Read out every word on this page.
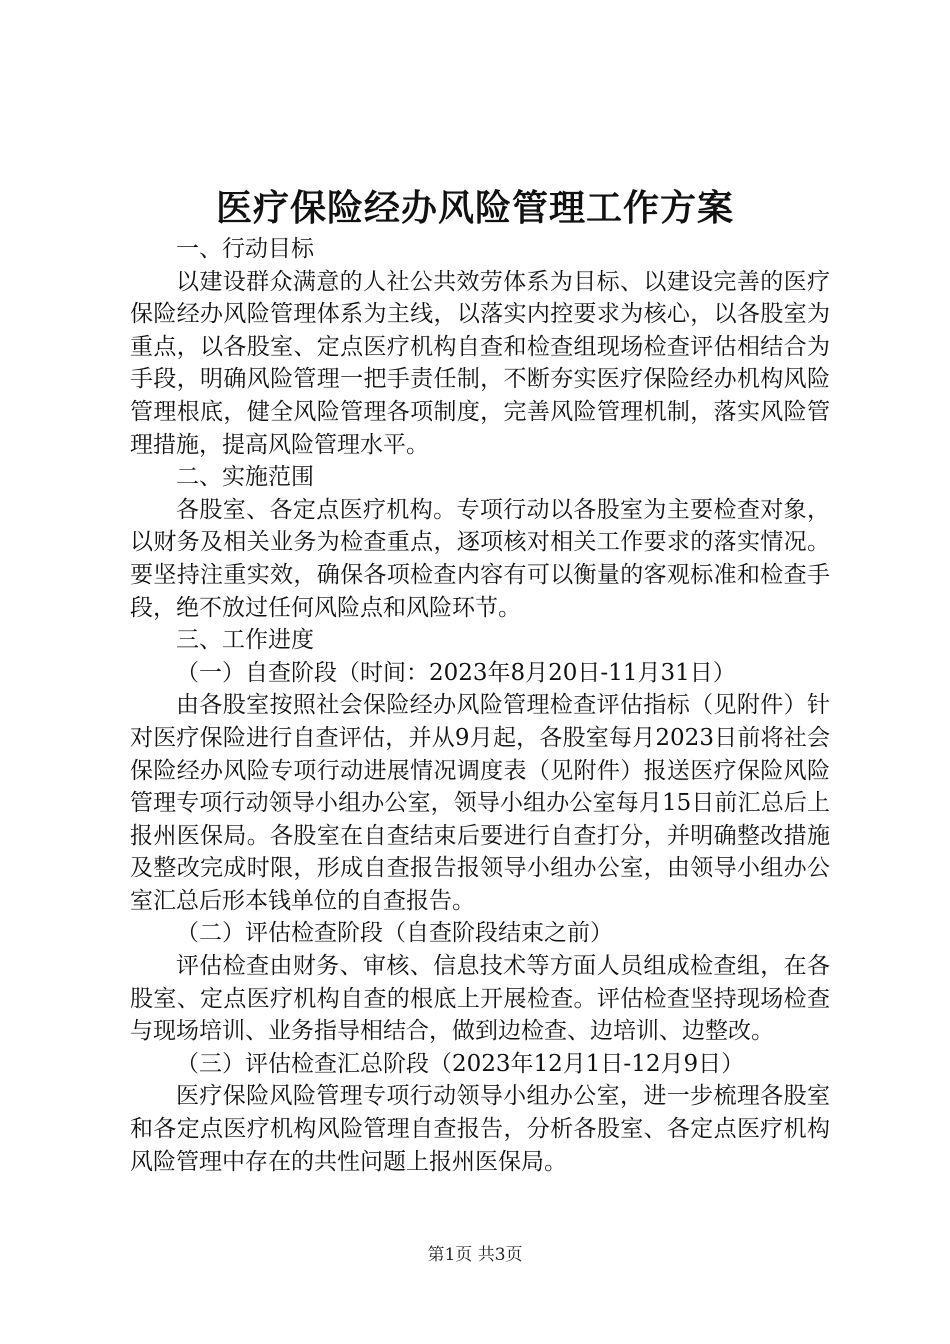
医疗保险经办风险管理工作方案

一、行动目标

以建设群众满意的人社公共效劳体系为目标、以建设完善的医疗保险经办风险管理体系为主线，以落实内控要求为核心，以各股室为重点，以各股室、定点医疗机构自查和检查组现场检查评估相结合为手段，明确风险管理一把手责任制，不断夯实医疗保险经办机构风险管理根底，健全风险管理各项制度，完善风险管理机制，落实风险管理措施，提高风险管理水平。

二、实施范围

各股室、各定点医疗机构。专项行动以各股室为主要检查对象，以财务及相关业务为检查重点，逐项核对相关工作要求的落实情况。要坚持注重实效，确保各项检查内容有可以衡量的客观标准和检查手段，绝不放过任何风险点和风险环节。

三、工作进度

（一）自查阶段（时间：2023年8月20日-11月31日）

由各股室按照社会保险经办风险管理检查评估指标（见附件）针对医疗保险进行自查评估，并从9月起，各股室每月2023日前将社会保险经办风险专项行动进展情况调度表（见附件）报送医疗保险风险管理专项行动领导小组办公室，领导小组办公室每月15日前汇总后上报州医保局。各股室在自查结束后要进行自查打分，并明确整改措施及整改完成时限，形成自查报告报领导小组办公室，由领导小组办公室汇总后形本钱单位的自查报告。

（二）评估检查阶段（自查阶段结束之前）

评估检查由财务、审核、信息技术等方面人员组成检查组，在各股室、定点医疗机构自查的根底上开展检查。评估检查坚持现场检查与现场培训、业务指导相结合，做到边检查、边培训、边整改。

（三）评估检查汇总阶段（2023年12月1日-12月9日）

医疗保险风险管理专项行动领导小组办公室，进一步梳理各股室和各定点医疗机构风险管理自查报告，分析各股室、各定点医疗机构风险管理中存在的共性问题上报州医保局。

第1页 共3页
